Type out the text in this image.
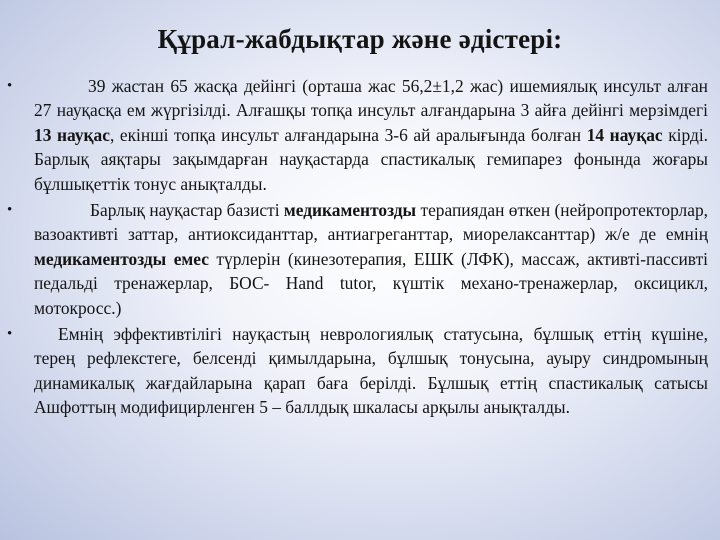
Құрал-жабдықтар және әдістері:
•	39 жастан 65 жасқа дейінгі (орташа жас 56,2±1,2 жас) ишемиялық инсульт алған 27 науқасқа ем жүргізілді. Алғашқы топқа инсульт алғандарына 3 айға дейінгі мерзімдегі 13 науқас, екінші топқа инсульт алғандарына 3-6 ай аралығында болған 14 науқас кірді. Барлық аяқтары зақымдарған науқастарда спастикалық гемипарез фонында жоғары бұлшықеттік тонус анықталды.
•	Барлық науқастар базисті медикаментозды терапиядан өткен (нейропротекторлар, вазоактивті заттар, антиоксиданттар, антиагреганттар, миорелаксанттар) ж/е де емнің медикаментозды емес түрлерін (кинезотерапия, ЕШК (ЛФК), массаж, активті-пассивті педальді тренажерлар, БОС- Hand tutor, күштік механо-тренажерлар, оксицикл, мотокросс.)
•	Емнің эффективтілігі науқастың неврологиялық статусына, бұлшық еттің күшіне, терең рефлекстеге, белсенді қимылдарына, бұлшық тонусына, ауыру синдромының динамикалық жағдайларына қарап баға берілді. Бұлшық еттің спастикалық сатысы Ашфоттың модифицирленген 5 – баллдық шкаласы арқылы анықталды.
